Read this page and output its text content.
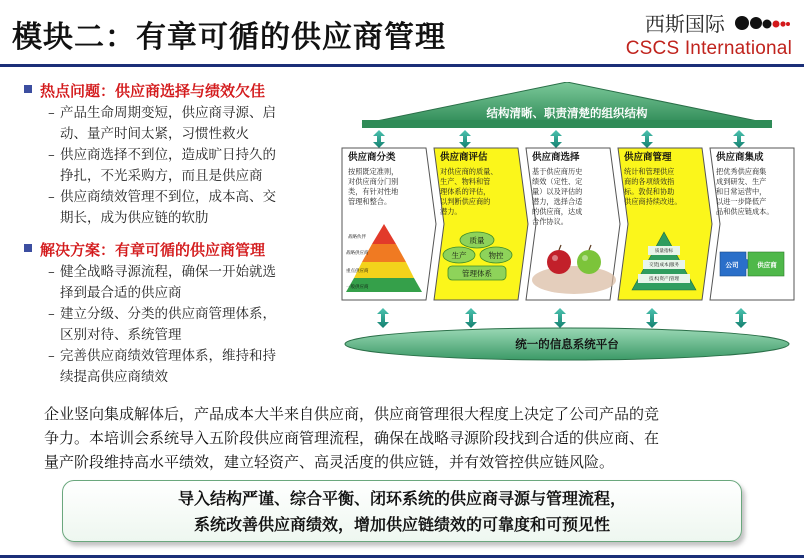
模块二：有章可循的供应商管理	西斯国际
CSCS International
热点问题：供应商选择与绩效欠佳
– 产品生命周期变短，供应商寻源、启
动、量产时间太紧，习惯性救火
– 供应商选择不到位，造成旷日持久的
挣扎，不光采购方，而且是供应商
– 供应商绩效管理不到位，成本高、交
期长，成为供应链的软肋
解决方案：有章可循的供应商管理
– 健全战略寻源流程，确保一开始就选
择到最合适的供应商
– 建立分级、分类的供应商管理体系，
区别对待、系统管理
– 完善供应商绩效管理体系，维持和持
续提高供应商绩效
结构清晰、职责清楚的组织结构
供应商分类	供应商评估	供应商选择	供应商管理	供应商集成
按照既定准则，
对供应商分门别
类，有针对性地
管理和整合。
对供应商的质量、
生产、物料和管
理体系的评估，
以判断供应商的
潜力。
基于供应商历史
绩效（定性、定
量）以及评估的
潜力，选择合适
的供应商，达成
合作协议。
统计和管理供应
商的各项绩效指
标。敦促和协助
供应商持续改进。
把优秀供应商集
成到研发、生产
和日常运营中，
以进一步降低产
品和供应链成本。
战略伙伴
战略供应商
重点供应商
一般供应商
质量
生产	物控
管理体系
质量指标
交货|成本|服务
技术|资产|管理
公司	供应商
统一的信息系统平台
企业竖向集成解体后，产品成本大半来自供应商，供应商管理很大程度上决定了公司产品的竞
争力。本培训会系统导入五阶段供应商管理流程，确保在战略寻源阶段找到合适的供应商、在
量产阶段维持高水平绩效，建立轻资产、高灵活度的供应链，并有效管控供应链风险。
导入结构严谨、综合平衡、闭环系统的供应商寻源与管理流程，
系统改善供应商绩效，增加供应链绩效的可靠度和可预见性
